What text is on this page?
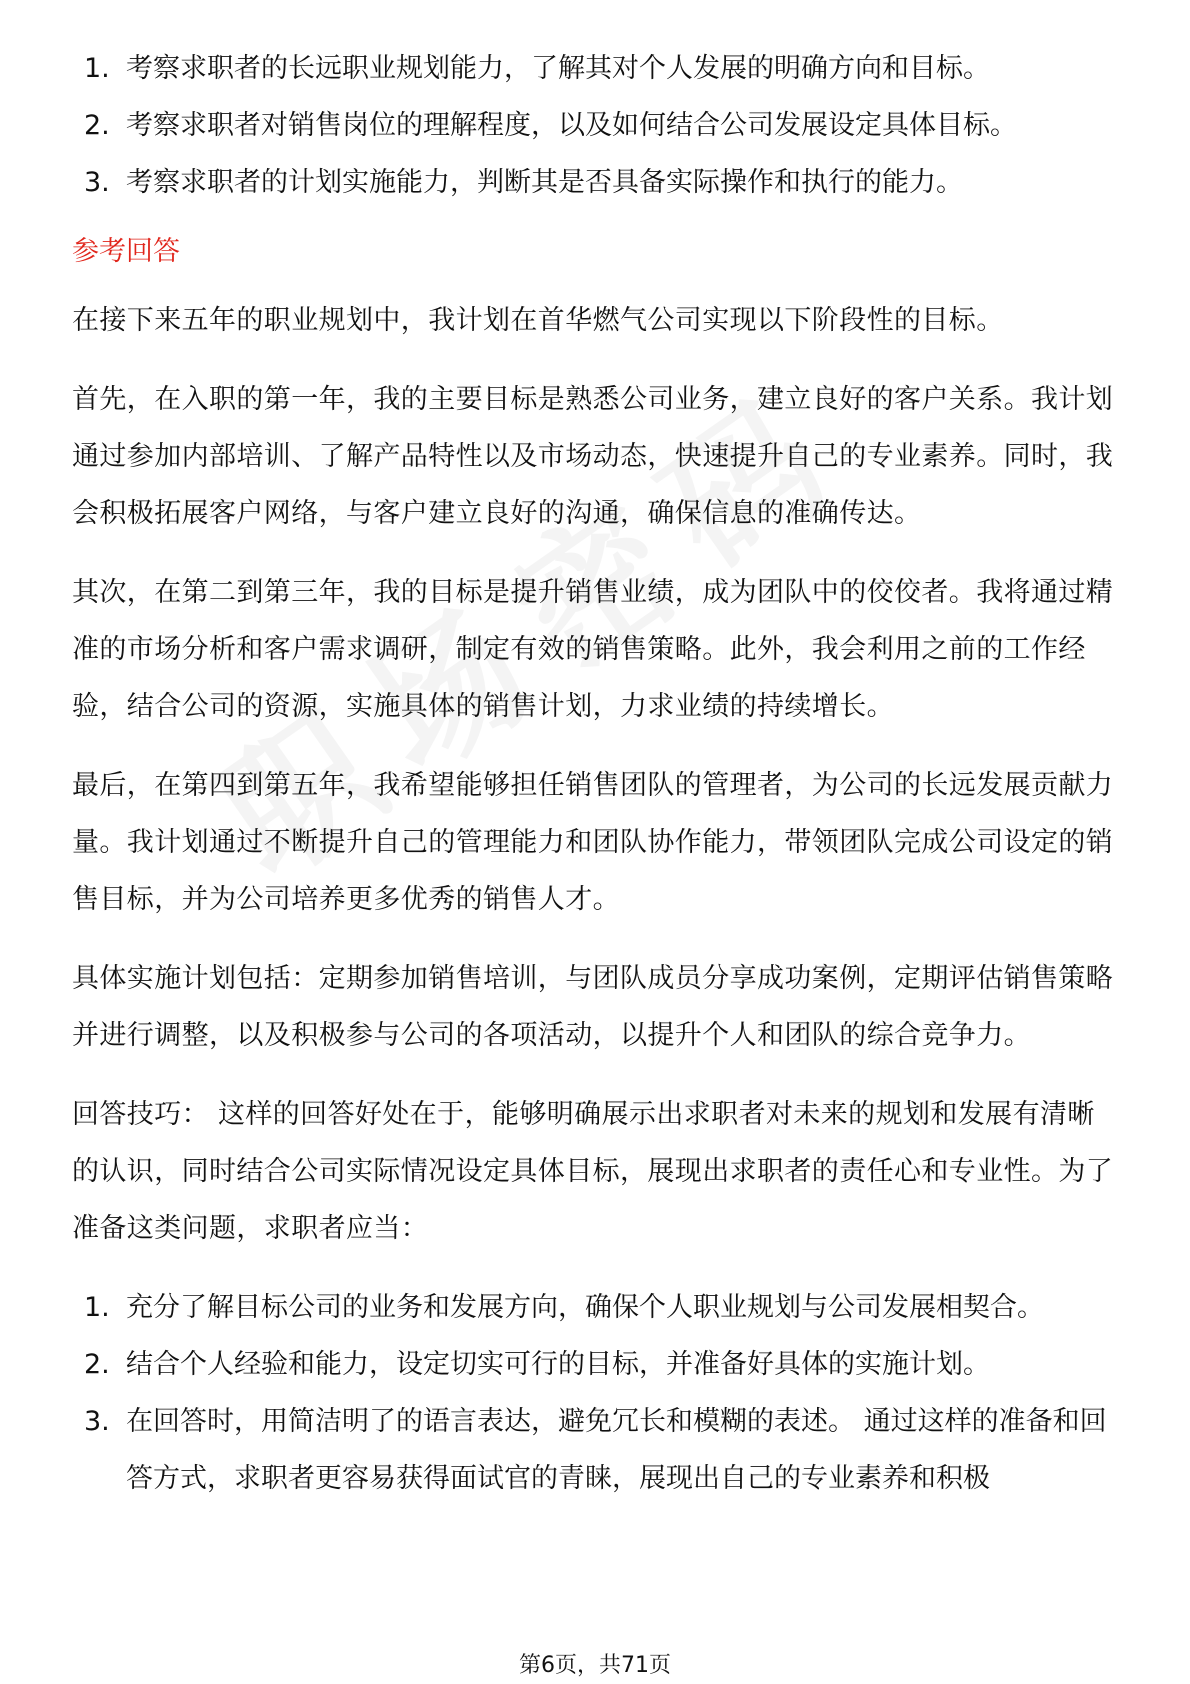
1. 考察求职者的长远职业规划能力，了解其对个人发展的明确方向和目标。
2. 考察求职者对销售岗位的理解程度，以及如何结合公司发展设定具体目标。
3. 考察求职者的计划实施能力，判断其是否具备实际操作和执行的能力。
参考回答

在接下来五年的职业规划中，我计划在首华燃气公司实现以下阶段性的目标。

首先，在入职的第一年，我的主要目标是熟悉公司业务，建立良好的客户关系。我计划通过参加内部培训、了解产品特性以及市场动态，快速提升自己的专业素养。同时，我会积极拓展客户网络，与客户建立良好的沟通，确保信息的准确传达。

其次，在第二到第三年，我的目标是提升销售业绩，成为团队中的佼佼者。我将通过精准的市场分析和客户需求调研，制定有效的销售策略。此外，我会利用之前的工作经验，结合公司的资源，实施具体的销售计划，力求业绩的持续增长。

最后，在第四到第五年，我希望能够担任销售团队的管理者，为公司的长远发展贡献力量。我计划通过不断提升自己的管理能力和团队协作能力，带领团队完成公司设定的销售目标，并为公司培养更多优秀的销售人才。

具体实施计划包括：定期参加销售培训，与团队成员分享成功案例，定期评估销售策略并进行调整，以及积极参与公司的各项活动，以提升个人和团队的综合竞争力。

回答技巧： 这样的回答好处在于，能够明确展示出求职者对未来的规划和发展有清晰的认识，同时结合公司实际情况设定具体目标，展现出求职者的责任心和专业性。为了准备这类问题，求职者应当：

1. 充分了解目标公司的业务和发展方向，确保个人职业规划与公司发展相契合。
2. 结合个人经验和能力，设定切实可行的目标，并准备好具体的实施计划。
3. 在回答时，用简洁明了的语言表达，避免冗长和模糊的表述。 通过这样的准备和回答方式，求职者更容易获得面试官的青睐，展现出自己的专业素养和积极
第6页，共71页
